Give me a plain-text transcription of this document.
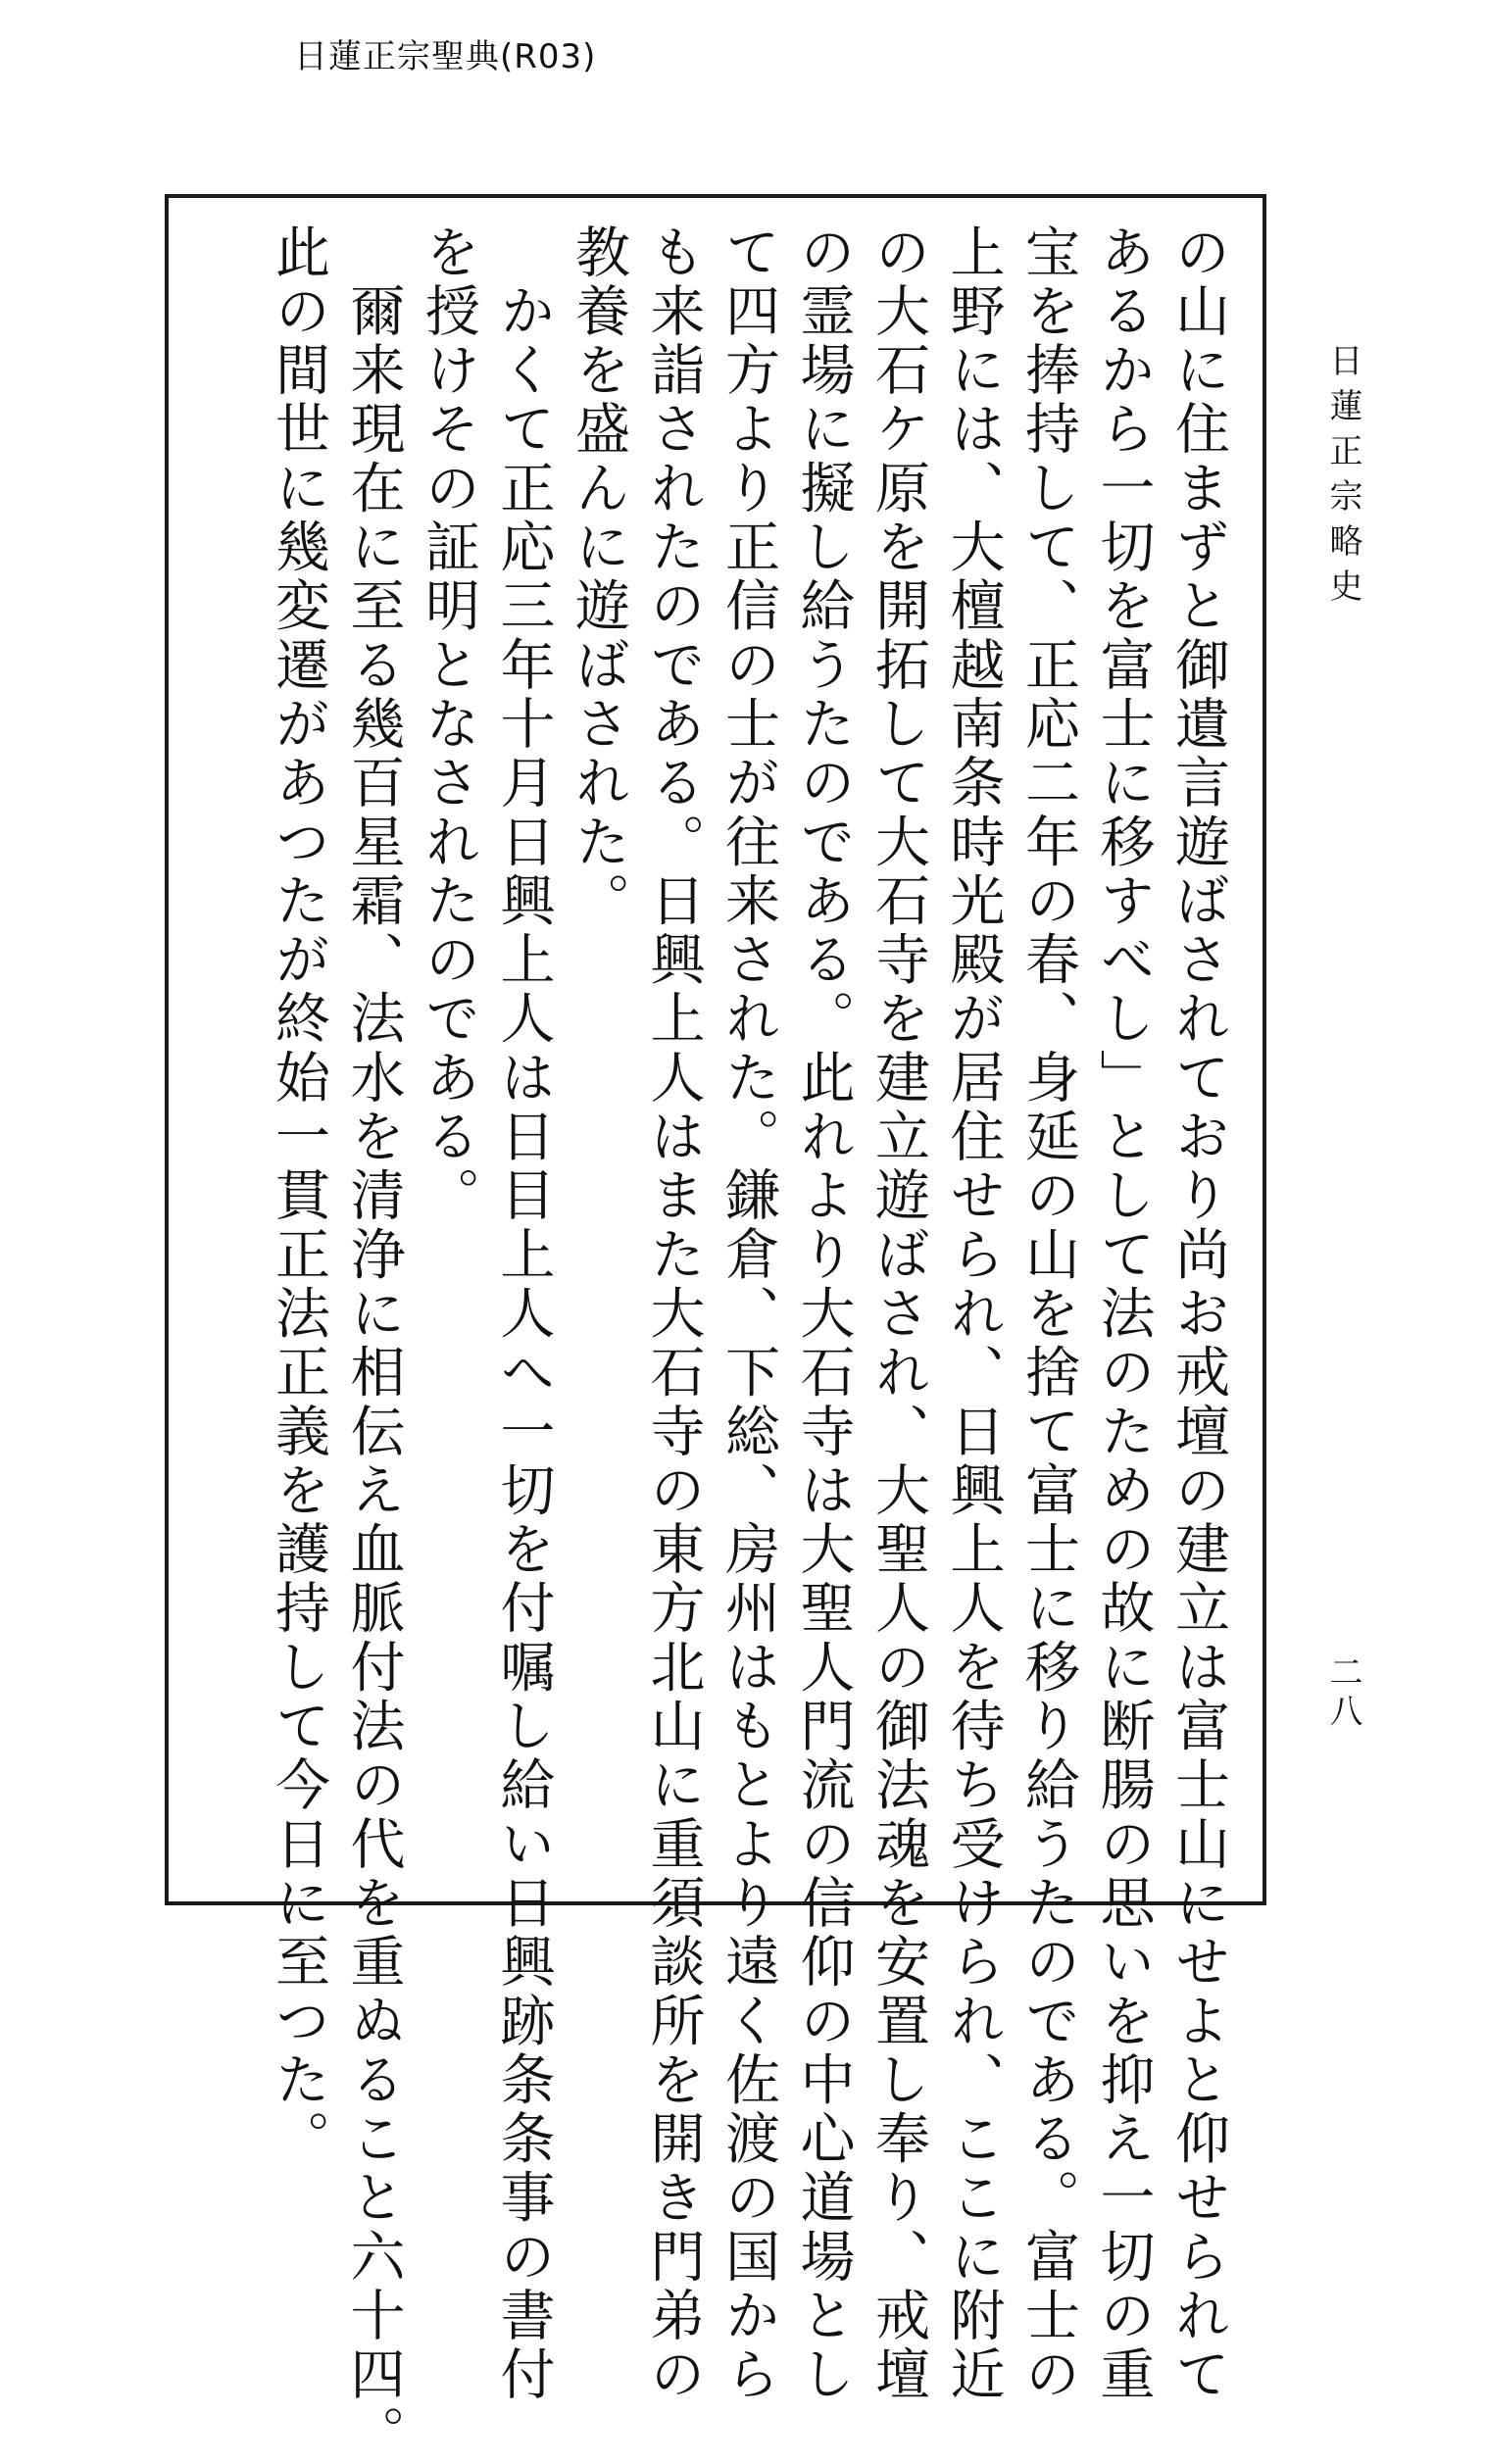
日蓮正宗聖典(R03)
の山に住まずと御遺言遊ばされており尚お戒壇の建立は富士山にせよと仰せられて
あるから一切を富士に移すべし」として法のための故に断腸の思いを抑え一切の重
宝を捧持して、正応二年の春、身延の山を捨て富士に移り給うたのである。富士の
上野には、大檀越南条時光殿が居住せられ、日興上人を待ち受けられ、ここに附近
の大石ケ原を開拓して大石寺を建立遊ばされ、大聖人の御法魂を安置し奉り、戒壇
の霊場に擬し給うたのである。此れより大石寺は大聖人門流の信仰の中心道場とし
て四方より正信の士が往来された。鎌倉、下総、房州はもとより遠く佐渡の国から
も来詣されたのである。日興上人はまた大石寺の東方北山に重須談所を開き門弟の
教養を盛んに遊ばされた。
　かくて正応三年十月日興上人は日目上人へ一切を付嘱し給い日興跡条条事の書付
を授けその証明となされたのである。
　爾来現在に至る幾百星霜、法水を清浄に相伝え血脈付法の代を重ぬること六十四。
此の間世に幾変遷があつたが終始一貫正法正義を護持して今日に至つた。	日蓮正宗略史
二八
